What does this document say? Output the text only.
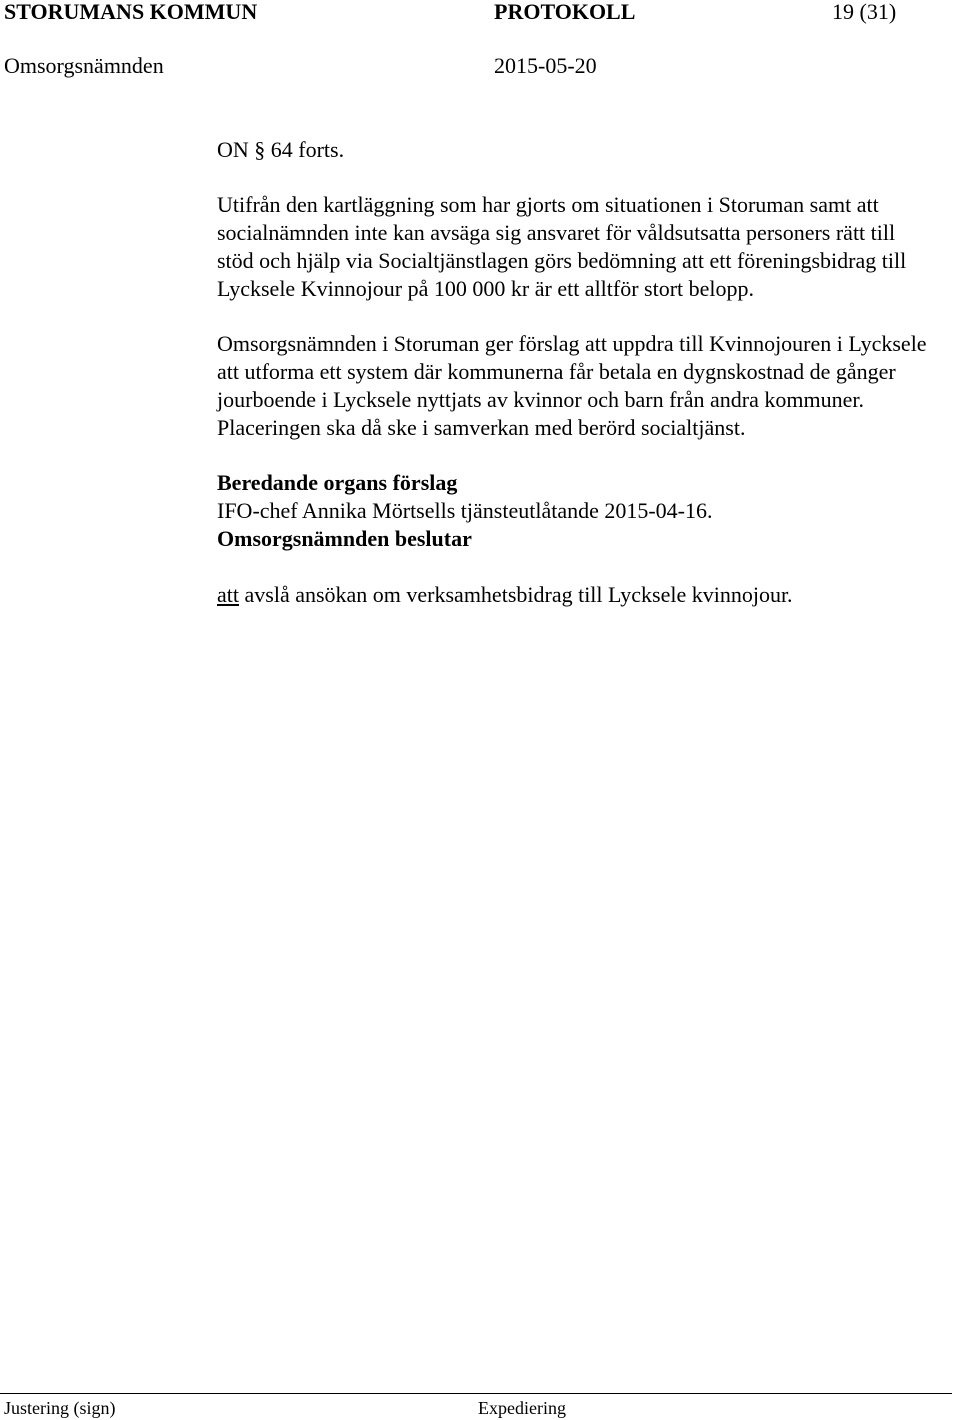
STORUMANS KOMMUN	PROTOKOLL	19 (31)
Omsorgsnämnden	2015-05-20

ON § 64 forts.

Utifrån den kartläggning som har gjorts om situationen i Storuman samt att socialnämnden inte kan avsäga sig ansvaret för våldsutsatta personers rätt till stöd och hjälp via Socialtjänstlagen görs bedömning att ett föreningsbidrag till Lycksele Kvinnojour på 100 000 kr är ett alltför stort belopp.

Omsorgsnämnden i Storuman ger förslag att uppdra till Kvinnojouren i Lycksele att utforma ett system där kommunerna får betala en dygnskostnad de gånger jourboende i Lycksele nyttjats av kvinnor och barn från andra kommuner. Placeringen ska då ske i samverkan med berörd socialtjänst.

Beredande organs förslag

IFO-chef Annika Mörtsells tjänsteutlåtande 2015-04-16.

Omsorgsnämnden beslutar

att avslå ansökan om verksamhetsbidrag till Lycksele kvinnojour.

Justering (sign)	Expediering
